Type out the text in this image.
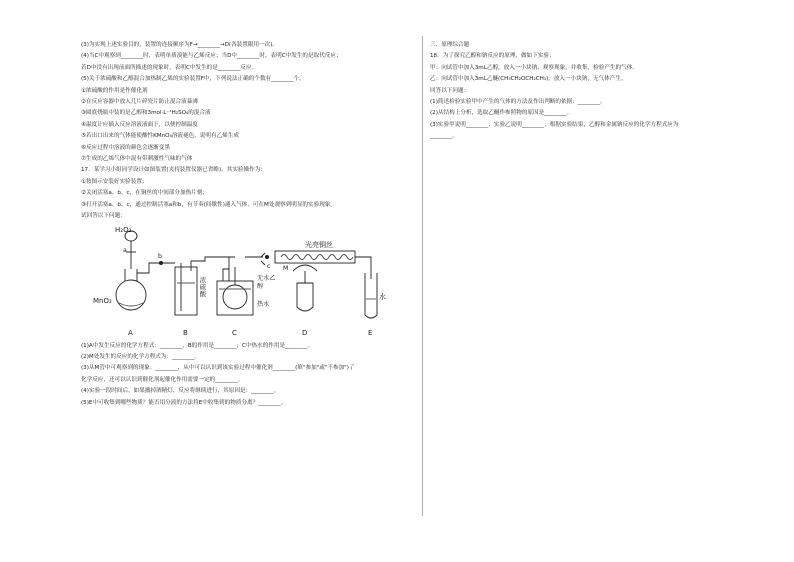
(3)为实现上述实验目的，装置的连接顺序为F→________→D(各装置限用一次)。
(4)当C中观察到________时，表明单质溴能与乙烯反应；当D中________时，表明C中发生的是取代反应；
若D中没有出现前面所描述的现象时，表明C中发生的是________反应。
(5)关于浓硫酸和乙醇混合加热制乙烯的实验装置F中，下列说法正确的个数有________个。
①浓硫酸的作用是作催化剂
②在反应容器中放入几片碎瓷片防止混合液暴沸
③圆底烧瓶中装的是乙醇和3mol·L⁻¹H₂SO₄的混合液
④温度计应插入反应溶液液面下，以便控制温度
⑤若出口出来的气体能使酸性KMnO₄溶液褪色，说明有乙烯生成
⑥反应过程中溶液的颜色会逐渐变黑
⑦生成的乙烯气体中混有带刺激性气味的气体
17．某学习小组同学设计如图装置(夹持装置仪器已省略)，其实验操作为：
①按图示安装好实验装置；
②关闭活塞a、b、c，在铜丝的中间部分加热片刻；
③打开活塞a、b、c，通过控制活塞a和b，有节奏(间歇性)通入气体，可在M处观察到明显的实验现象。
试回答以下问题：
H₂O₂
a
b
c
MnO₂
浓硫酸
无水乙醇
热水
光亮铜丝
M
水
A	B	C	D	E
(1)A中发生反应的化学方程式：________，B的作用是________；C中热水的作用是________。
(2)M处发生的反应的化学方程式为：________。
(3)从M管中可观察到的现象：________，从中可以认识到该实验过程中催化剂________(填"参加"或"不参加")了
化学反应，还可以认识到催化剂起催化作用需要一定的________。
(4)实验一段时间后，如果撤掉酒精灯，反应将继续进行，其原因是：________。
(5)E中可收集到哪些物质？能否用分液的方法将E中收集到的物质分离？________。
三、原理综合题
18．为了探究乙醇和钠反应的原理，做如下实验：
甲：向试管中加入3mL乙醇，放入一小块钠，观察现象，并收集，检验产生的气体。
乙：向试管中加入3mL乙醚(CH₃CH₂OCH₂CH₃)，放入一小块钠，无气体产生。
回答以下问题：
(1)简述检验实验甲中产生的气体的方法及作出判断的依据：________。
(2)从结构上分析，选取乙醚作参照物的原因是________。
(3)实验甲说明________；实验乙说明________；根据实验结果，乙醇和金属钠反应的化学方程式应为
________。
